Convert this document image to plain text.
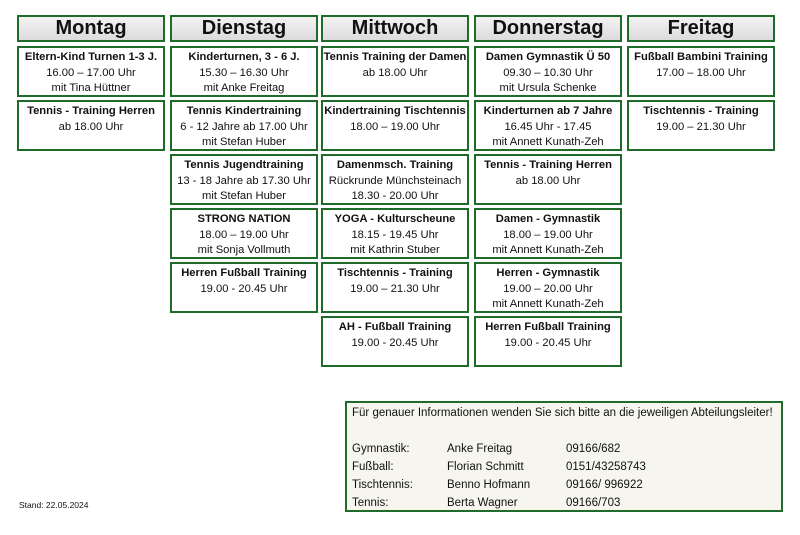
Montag
Eltern-Kind Turnen 1-3 J.
16.00 – 17.00 Uhr
mit Tina Hüttner
Tennis - Training Herren
ab 18.00 Uhr
Dienstag
Kinderturnen, 3 - 6 J.
15.30 – 16.30 Uhr
mit Anke Freitag
Tennis Kindertraining
6 - 12 Jahre ab 17.00 Uhr
mit Stefan Huber
Tennis Jugendtraining
13 - 18 Jahre ab 17.30 Uhr
mit Stefan Huber
STRONG NATION
18.00 – 19.00 Uhr
mit Sonja Vollmuth
Herren Fußball Training
19.00 - 20.45 Uhr
Mittwoch
Tennis Training der Damen
ab 18.00 Uhr
Kindertraining Tischtennis
18.00 – 19.00 Uhr
Damenmsch. Training
Rückrunde Münchsteinach
18.30 - 20.00 Uhr
YOGA - Kulturscheune
18.15 - 19.45 Uhr
mit Kathrin Stuber
Tischtennis - Training
19.00 – 21.30 Uhr
AH - Fußball Training
19.00 - 20.45 Uhr
Donnerstag
Damen Gymnastik Ü 50
09.30 – 10.30 Uhr
mit Ursula Schenke
Kinderturnen ab 7 Jahre
16.45 Uhr - 17.45
mit Annett Kunath-Zeh
Tennis - Training Herren
ab 18.00 Uhr
Damen - Gymnastik
18.00 – 19.00 Uhr
mit Annett Kunath-Zeh
Herren - Gymnastik
19.00 – 20.00 Uhr
mit Annett Kunath-Zeh
Herren Fußball Training
19.00 - 20.45 Uhr
Freitag
Fußball Bambini Training
17.00 – 18.00 Uhr
Tischtennis - Training
19.00 – 21.30 Uhr
Für genauer Informationen wenden Sie sich bitte an die jeweiligen Abteilungsleiter!
Gymnastik:	Anke Freitag	09166/682
Fußball:	Florian Schmitt	0151/43258743
Tischtennis:	Benno Hofmann	09166/ 996922
Tennis:	Berta Wagner	09166/703
Stand: 22.05.2024
